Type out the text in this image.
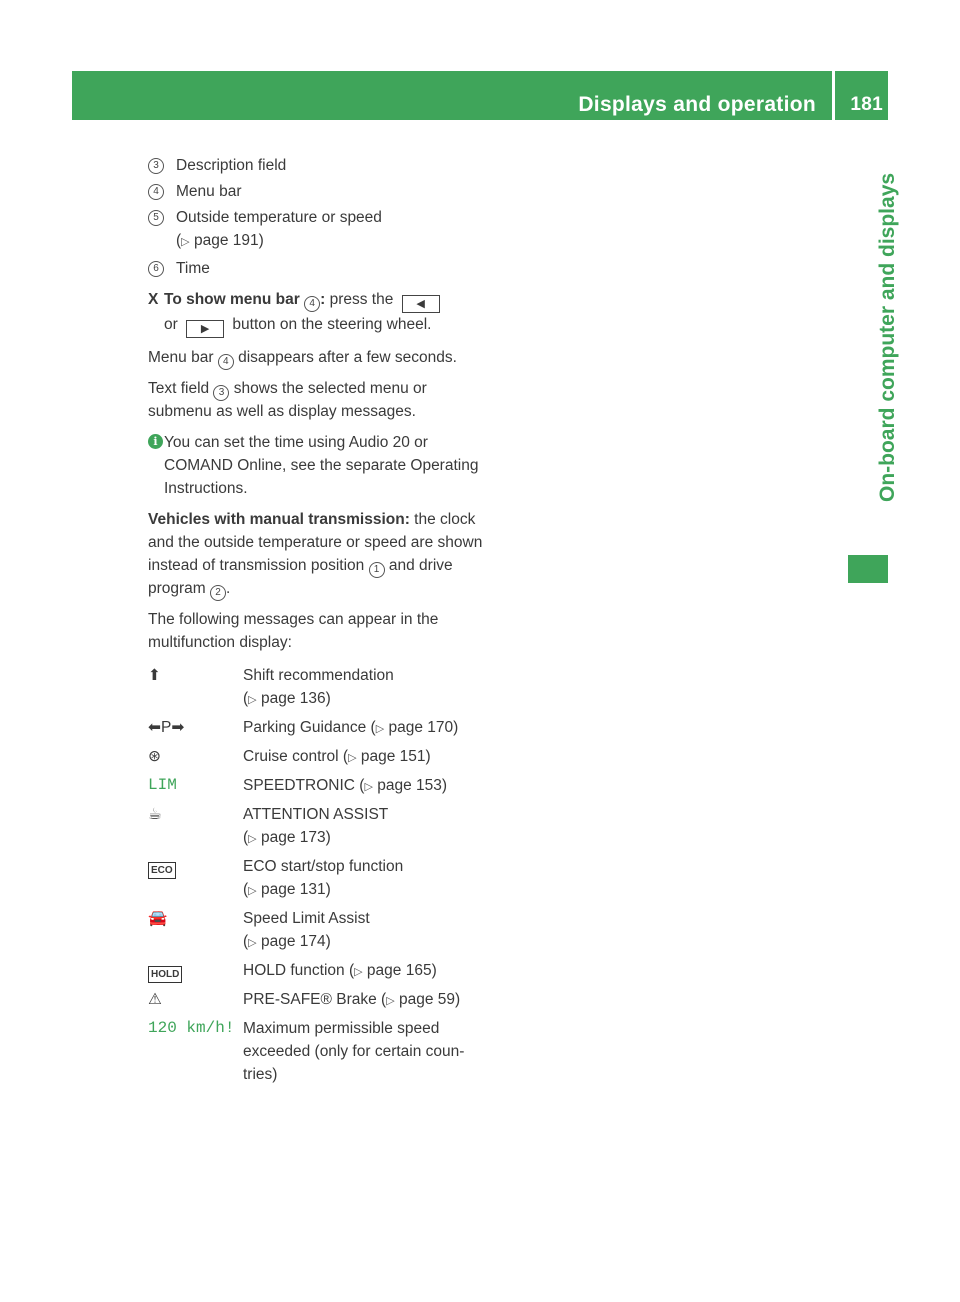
Displays and operation 181
On-board computer and displays
3	Description field
4	Menu bar
5	Outside temperature or speed
(▷ page 191)
6	Time
X To show menu bar 4 : press the ◀
or ▶ button on the steering wheel.

Menu bar 4 disappears after a few seconds.

Text field 3 shows the selected menu or submenu as well as display messages.

i You can set the time using Audio 20 or COMAND Online, see the separate Operating Instructions.

Vehicles with manual transmission: the clock and the outside temperature or speed are shown instead of transmission position 1 and drive program 2 .

The following messages can appear in the multifunction display:

⬆	Shift recommendation
(▷ page 136)
⬅P➡	Parking Guidance (▷ page 170)
⊛	Cruise control (▷ page 151)
LIM	SPEEDTRONIC (▷ page 153)
☕	ATTENTION ASSIST
(▷ page 173)
ECO	ECO start/stop function
(▷ page 131)
🚘	Speed Limit Assist
(▷ page 174)
HOLD	HOLD function (▷ page 165)
⚠	PRE-SAFE® Brake (▷ page 59)
120 km/h! Maximum permissible speed exceeded (only for certain countries)
